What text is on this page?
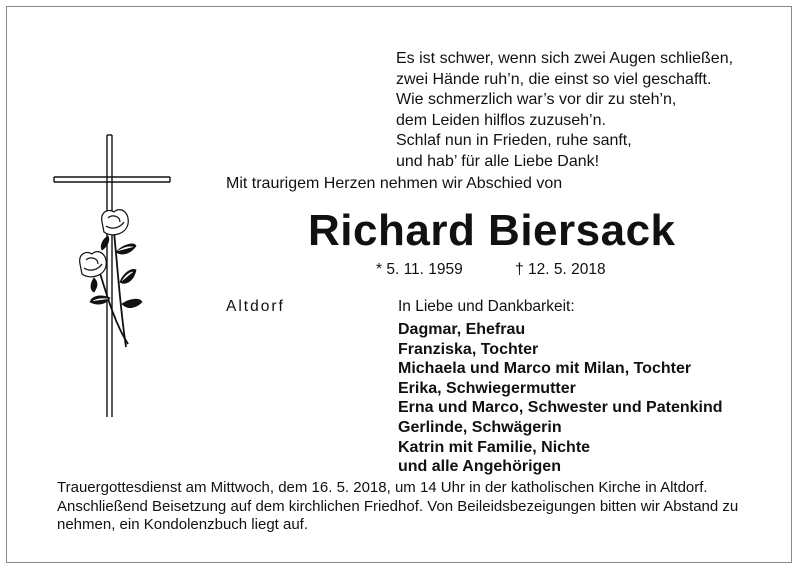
Es ist schwer, wenn sich zwei Augen schließen,
zwei Hände ruh’n, die einst so viel geschafft.
Wie schmerzlich war’s vor dir zu steh’n,
dem Leiden hilflos zuzuseh’n.
Schlaf nun in Frieden, ruhe sanft,
und hab’ für alle Liebe Dank!
Mit traurigem Herzen nehmen wir Abschied von
Richard Biersack
* 5. 11. 1959	† 12. 5. 2018
Altdorf	In Liebe und Dankbarkeit:
Dagmar, Ehefrau
Franziska, Tochter
Michaela und Marco mit Milan, Tochter
Erika, Schwiegermutter
Erna und Marco, Schwester und Patenkind
Gerlinde, Schwägerin
Katrin mit Familie, Nichte
und alle Angehörigen
Trauergottesdienst am Mittwoch, dem 16. 5. 2018, um 14 Uhr in der katholischen Kirche in Altdorf.
Anschließend Beisetzung auf dem kirchlichen Friedhof. Von Beileidsbezeigungen bitten wir Abstand zu
nehmen, ein Kondolenzbuch liegt auf.
